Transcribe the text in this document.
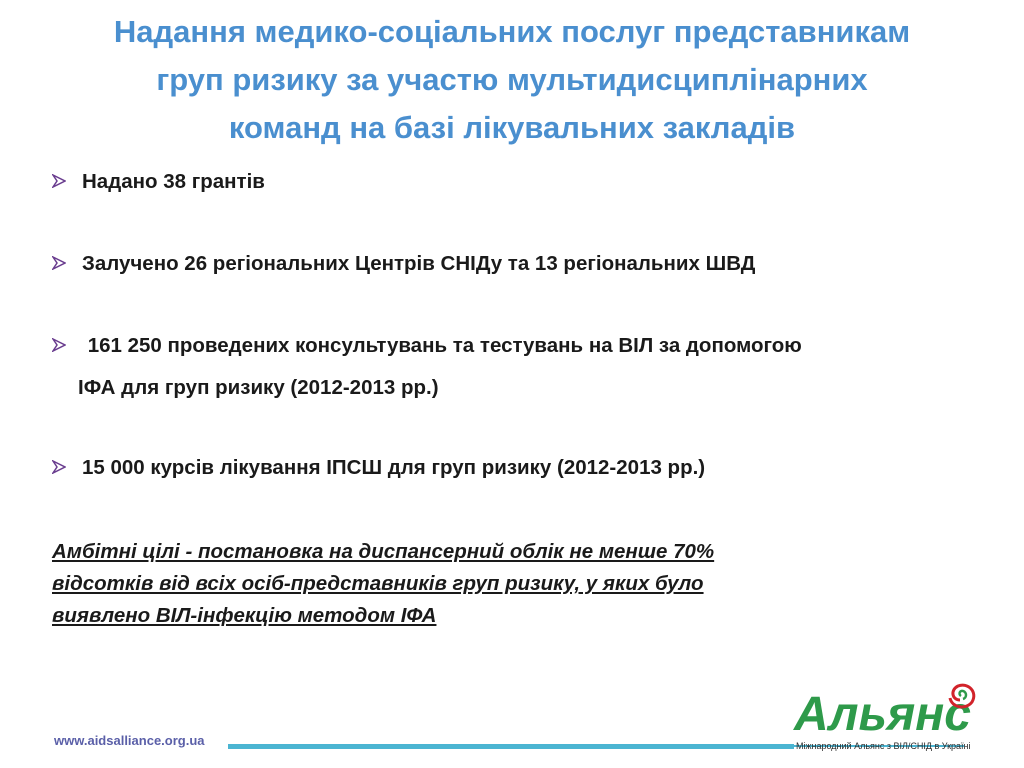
Надання медико-соціальних послуг представникам
груп ризику за участю мультидисциплінарних
команд на базі лікувальних закладів
Надано 38 грантів
Залучено 26 регіональних Центрів СНІДу та 13 регіональних ШВД
161 250 проведених консультувань та тестувань на ВІЛ за допомогою
ІФА для груп ризику (2012-2013 рр.)
15 000 курсів лікування ІПСШ для груп ризику (2012-2013 рр.)
Амбітні цілі - постановка на диспансерний облік не менше 70%
відсотків від всіх осіб-представників груп ризику, у яких було
виявлено ВІЛ-інфекцію методом ІФА
www.aidsalliance.org.ua	Альянс
Міжнародний Альянс з ВІЛ/СНІД в Україні
